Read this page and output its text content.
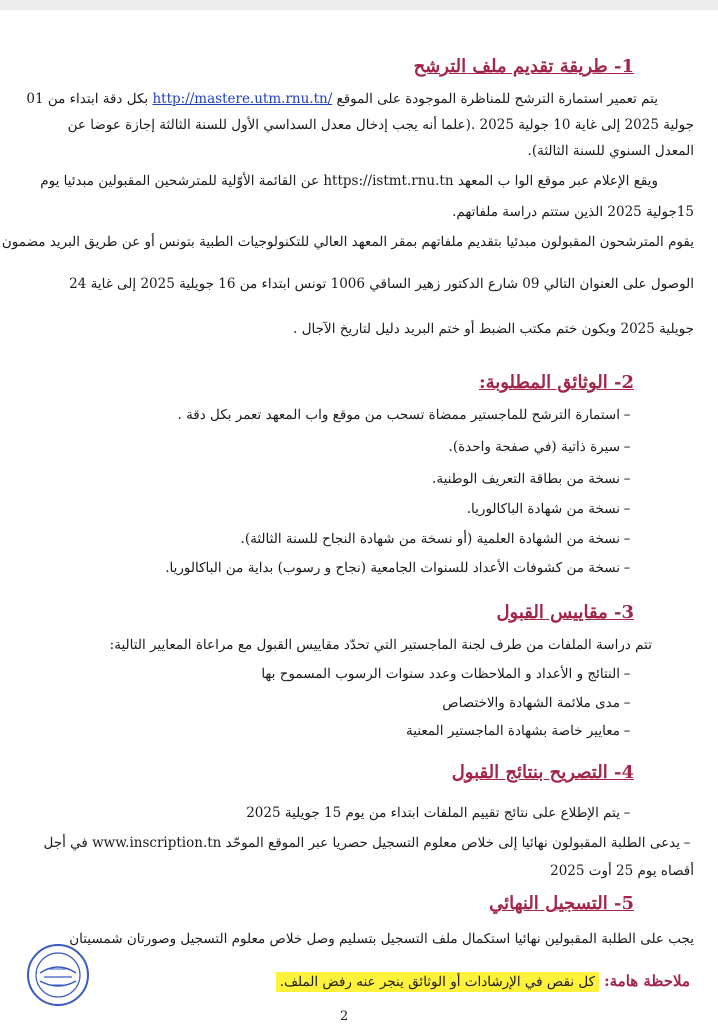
1- طريقة تقديم ملف الترشح
يتم تعمير استمارة الترشح للمناظرة الموجودة على الموقع http://mastere.utm.rnu.tn/ بكل دقة ابتداء من 01
جولية 2025 إلى غاية 10 جولية 2025 .(علما أنه يجب إدخال معدل السداسي الأول للسنة الثالثة إجازة عوضا عن
المعدل السنوي للسنة الثالثة).
ويقع الإعلام عبر موقع الوا ب المعهد https://istmt.rnu.tn عن القائمة الأوّلية للمترشحين المقبولين مبدئيا يوم
15جولية 2025 الذين ستتم دراسة ملفاتهم.
يقوم المترشحون المقبولون مبدئيا بتقديم ملفاتهم بمقر المعهد العالي للتكنولوجيات الطبية بتونس أو عن طريق البريد مضمون
الوصول على العنوان التالي 09 شارع الدكتور زهير الساقي 1006 تونس ابتداء من 16 جويلية 2025 إلى غاية 24
جويلية 2025 ويكون ختم مكتب الضبط أو ختم البريد دليل لتاريخ الآجال .
2- الوثائق المطلوبة:
–
استمارة الترشح للماجستير ممضاة تسحب من موقع واب المعهد تعمر بكل دقة .
–
سيرة ذاتية (في صفحة واحدة).
–
نسخة من بطاقة التعريف الوطنية.
–
نسخة من شهادة الباكالوريا.
–
نسخة من الشهادة العلمية (أو نسخة من شهادة النجاح للسنة الثالثة).
–
نسخة من كشوفات الأعداد للسنوات الجامعية (نجاح و رسوب) بداية من الباكالوريا.
3- مقاييس القبول
تتم دراسة الملفات من طرف لجنة الماجستير التي تحدّد مقاييس القبول مع مراعاة المعايير التالية:
–
النتائج و الأعداد و الملاحظات وعدد سنوات الرسوب المسموح بها
–
مدى ملائمة الشهادة والاختصاص
–
معايير خاصة بشهادة الماجستير المعنية
4- التصريح بنتائج القبول
–
يتم الإطلاع على نتائج تقييم الملفات ابتداء من يوم 15 جويلية 2025
–
يدعى الطلبة المقبولون نهائيا إلى خلاص معلوم التسجيل حصريا عبر الموقع الموحّد www.inscription.tn في أجل
أقصاه يوم 25 أوت 2025
5- التسجيل النهائي
يجب على الطلبة المقبولين نهائيا استكمال ملف التسجيل بتسليم وصل خلاص معلوم التسجيل وصورتان شمسيتان
ملاحظة هامة: كل نقص في الإرشادات أو الوثائق ينجر عنه رفض الملف.
2
